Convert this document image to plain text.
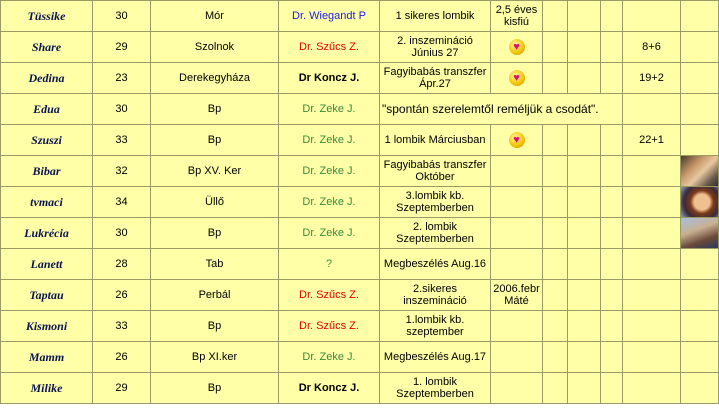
Tüssike	30	Mór	Dr. Wiegandt P	1 sikeres lombik	2,5 éves kisfiú						
Share	29	Szolnok	Dr. Szűcs Z.	2. inszemináció Június 27	♥				8+6		
Dedina	23	Derekegyháza	Dr Koncz J.	Fagyibabás transzfer Ápr.27	♥				19+2		
Edua	30	Bp	Dr. Zeke J.	"spontán szerelemtől reméljük a csodát".							
Szuszi	33	Bp	Dr. Zeke J.	1 lombik Márciusban	♥				22+1		
Bibar	32	Bp XV. Ker	Dr. Zeke J.	Fagyibabás transzfer Október							

tvmaci	34	Üllő	Dr. Zeke J.	3.lombik kb. Szeptemberben							

Lukrécia	30	Bp	Dr. Zeke J.	2. lombik Szeptemberben							

Lanett	28	Tab	?	Megbeszélés Aug.16							
Taptau	26	Perbál	Dr. Szűcs Z.	2.sikeres inszemináció	2006.febr Máté						
Kismoni	33	Bp	Dr. Szűcs Z.	1.lombik kb. szeptember							
Mamm	26	Bp XI.ker	Dr. Zeke J.	Megbeszélés Aug.17							
Milike	29	Bp	Dr Koncz J.	1. lombik Szeptemberben							
